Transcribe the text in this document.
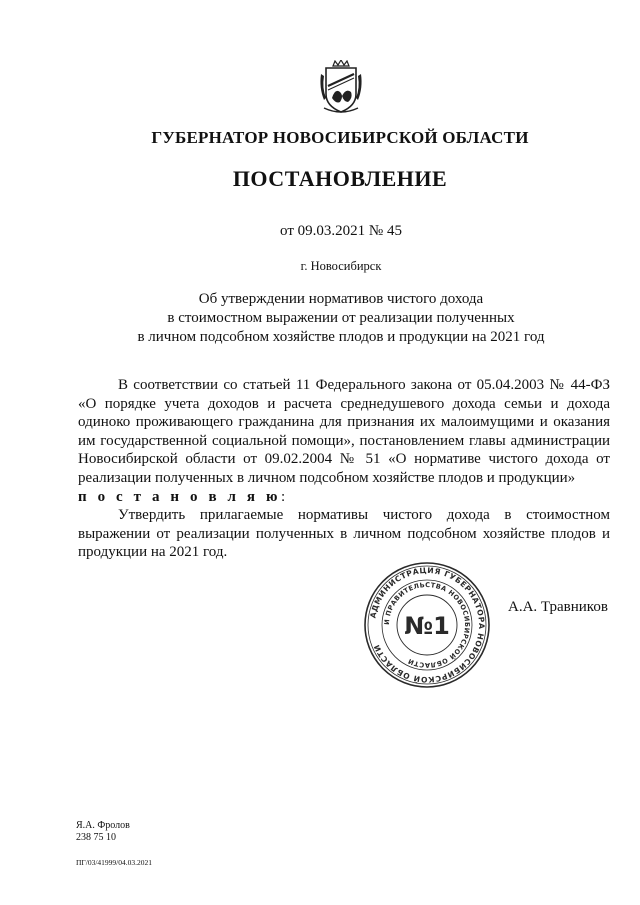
ГУБЕРНАТОР НОВОСИБИРСКОЙ ОБЛАСТИ
ПОСТАНОВЛЕНИЕ
от 09.03.2021 № 45
г. Новосибирск
Об утверждении нормативов чистого дохода
в стоимостном выражении от реализации полученных
в личном подсобном хозяйстве плодов и продукции на 2021 год

В соответствии со статьей 11 Федерального закона от 05.04.2003 № 44-ФЗ «О порядке учета доходов и расчета среднедушевого дохода семьи и дохода одиноко проживающего гражданина для признания их малоимущими и оказания им государственной социальной помощи», постановлением главы администрации Новосибирской области от 09.02.2004 № 51 «О нормативе чистого дохода от реализации полученных в личном подсобном хозяйстве плодов и продукции»

п о с т а н о в л я ю:

Утвердить прилагаемые нормативы чистого дохода в стоимостном выражении от реализации полученных в личном подсобном хозяйстве плодов и продукции на 2021 год.

АДМИНИСТРАЦИЯ ГУБЕРНАТОРА НОВОСИБИРСКОЙ ОБЛАСТИ
И ПРАВИТЕЛЬСТВА НОВОСИБИРСКОЙ ОБЛАСТИ
№1
А.А. Травников
Я.А. Фролов
238 75 10
ПГ/03/41999/04.03.2021
